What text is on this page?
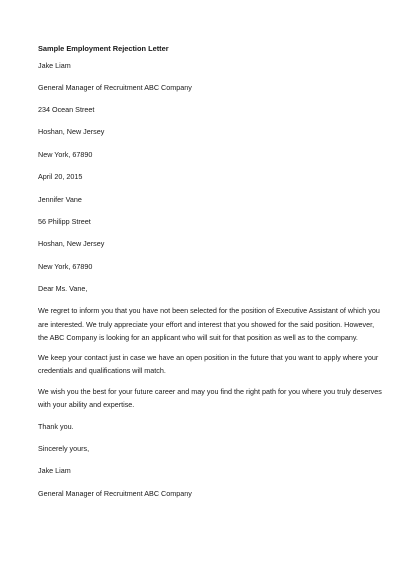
Sample Employment Rejection Letter
Jake Liam
General Manager of Recruitment ABC Company
234 Ocean Street
Hoshan, New Jersey
New York, 67890
April 20, 2015
Jennifer Vane
56 Philipp Street
Hoshan, New Jersey
New York, 67890
Dear Ms. Vane,
We regret to inform you that you have not been selected for the position of Executive Assistant of which you
are interested. We truly appreciate your effort and interest that you showed for the said position. However,
the ABC Company is looking for an applicant who will suit for that position as well as to the company.
We keep your contact just in case we have an open position in the future that you want to apply where your
credentials and qualifications will match.
We wish you the best for your future career and may you find the right path for you where you truly deserves
with your ability and expertise.
Thank you.
Sincerely yours,
Jake Liam
General Manager of Recruitment ABC Company
